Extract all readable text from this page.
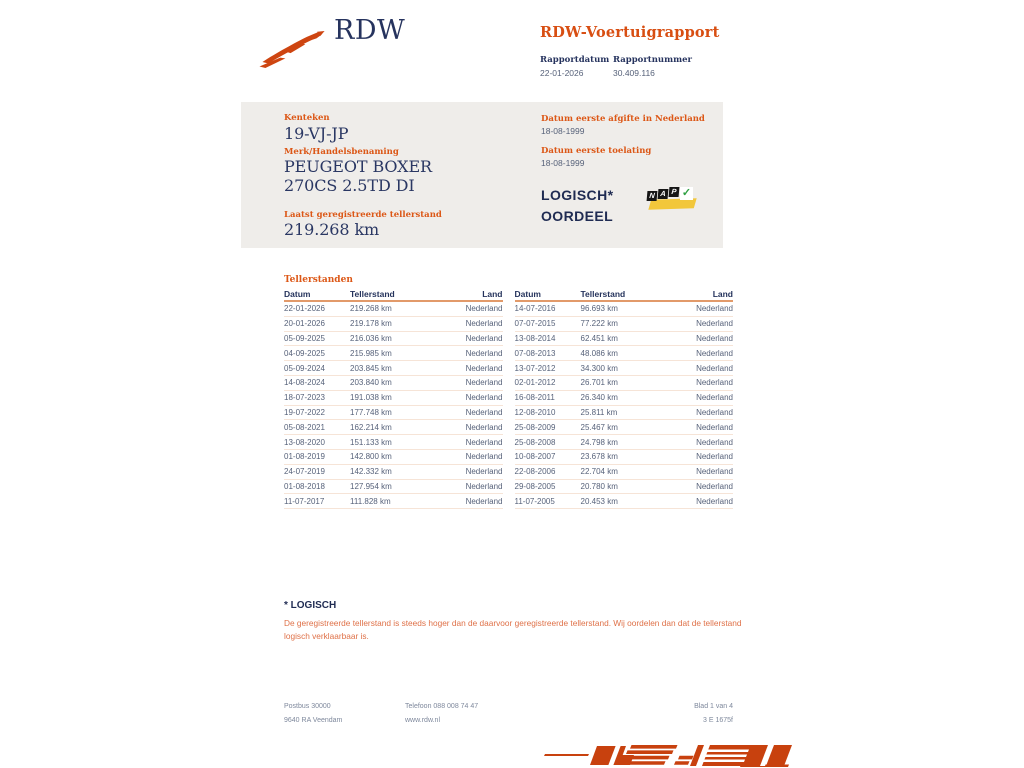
RDW	RDW-Voertuigrapport
Rapportdatum
22-01-2026
Rapportnummer
30.409.116
Kenteken
19-VJ-JP
Merk/Handelsbenaming
PEUGEOT BOXER
270CS 2.5TD DI
Laatst geregistreerde tellerstand
219.268 km
Datum eerste afgifte in Nederland
18-08-1999
Datum eerste toelating
18-08-1999
LOGISCH*
OORDEEL
N A P ✓
Tellerstanden
Datum	Tellerstand	Land
22-01-2026	219.268 km	Nederland
20-01-2026	219.178 km	Nederland
05-09-2025	216.036 km	Nederland
04-09-2025	215.985 km	Nederland
05-09-2024	203.845 km	Nederland
14-08-2024	203.840 km	Nederland
18-07-2023	191.038 km	Nederland
19-07-2022	177.748 km	Nederland
05-08-2021	162.214 km	Nederland
13-08-2020	151.133 km	Nederland
01-08-2019	142.800 km	Nederland
24-07-2019	142.332 km	Nederland
01-08-2018	127.954 km	Nederland
11-07-2017	111.828 km	Nederland
Datum	Tellerstand	Land
14-07-2016	96.693 km	Nederland
07-07-2015	77.222 km	Nederland
13-08-2014	62.451 km	Nederland
07-08-2013	48.086 km	Nederland
13-07-2012	34.300 km	Nederland
02-01-2012	26.701 km	Nederland
16-08-2011	26.340 km	Nederland
12-08-2010	25.811 km	Nederland
25-08-2009	25.467 km	Nederland
25-08-2008	24.798 km	Nederland
10-08-2007	23.678 km	Nederland
22-08-2006	22.704 km	Nederland
29-08-2005	20.780 km	Nederland
11-07-2005	20.453 km	Nederland
* LOGISCH
De geregistreerde tellerstand is steeds hoger dan de daarvoor geregistreerde tellerstand. Wij oordelen dan dat de tellerstand logisch verklaarbaar is.
Postbus 30000
9640 RA Veendam
Telefoon 088 008 74 47
www.rdw.nl
Blad 1 van 4
3 E 1675f
